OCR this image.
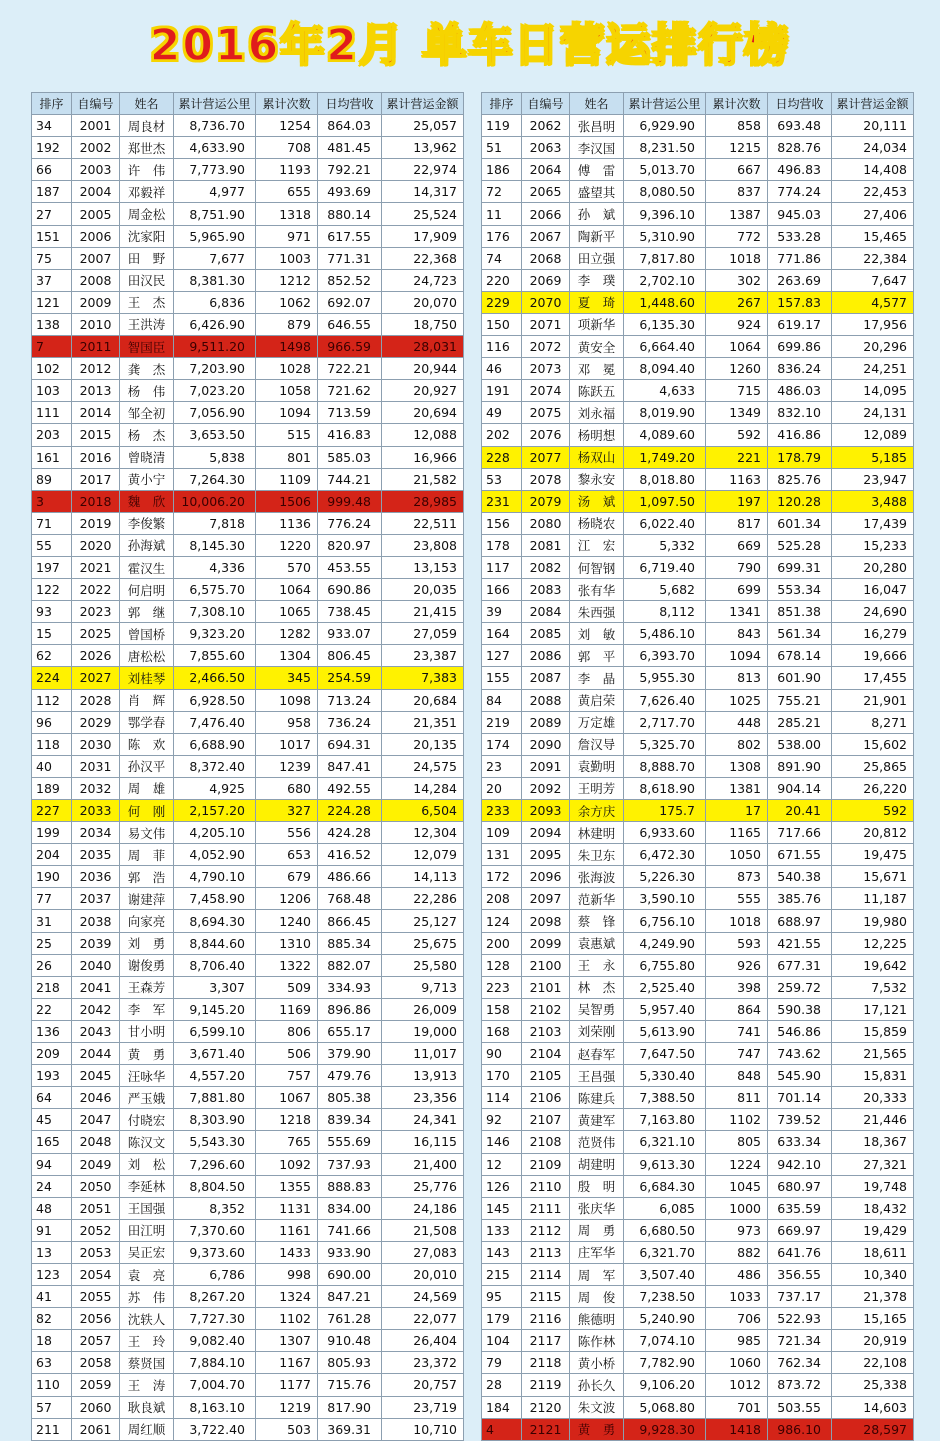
2016年2月 单车日营运排行榜
排序	自编号	姓名	累计营运公里	累计次数	日均营收	累计营运金额
34	2001	周良材	8,736.70	1254	864.03	25,057
192	2002	郑世杰	4,633.90	708	481.45	13,962
66	2003	许　伟	7,773.90	1193	792.21	22,974
187	2004	邓毅祥	4,977	655	493.69	14,317
27	2005	周金松	8,751.90	1318	880.14	25,524
151	2006	沈家阳	5,965.90	971	617.55	17,909
75	2007	田　野	7,677	1003	771.31	22,368
37	2008	田汉民	8,381.30	1212	852.52	24,723
121	2009	王　杰	6,836	1062	692.07	20,070
138	2010	王洪涛	6,426.90	879	646.55	18,750
7	2011	智国臣	9,511.20	1498	966.59	28,031
102	2012	龚　杰	7,203.90	1028	722.21	20,944
103	2013	杨　伟	7,023.20	1058	721.62	20,927
111	2014	邹全初	7,056.90	1094	713.59	20,694
203	2015	杨　杰	3,653.50	515	416.83	12,088
161	2016	曾晓清	5,838	801	585.03	16,966
89	2017	黄小宁	7,264.30	1109	744.21	21,582
3	2018	魏　欣	10,006.20	1506	999.48	28,985
71	2019	李俊繁	7,818	1136	776.24	22,511
55	2020	孙海斌	8,145.30	1220	820.97	23,808
197	2021	霍汉生	4,336	570	453.55	13,153
122	2022	何启明	6,575.70	1064	690.86	20,035
93	2023	郭　继	7,308.10	1065	738.45	21,415
15	2025	曾国桥	9,323.20	1282	933.07	27,059
62	2026	唐松松	7,855.60	1304	806.45	23,387
224	2027	刘桂琴	2,466.50	345	254.59	7,383
112	2028	肖　辉	6,928.50	1098	713.24	20,684
96	2029	鄂学春	7,476.40	958	736.24	21,351
118	2030	陈　欢	6,688.90	1017	694.31	20,135
40	2031	孙汉平	8,372.40	1239	847.41	24,575
189	2032	周　雄	4,925	680	492.55	14,284
227	2033	何　刚	2,157.20	327	224.28	6,504
199	2034	易文伟	4,205.10	556	424.28	12,304
204	2035	周　菲	4,052.90	653	416.52	12,079
190	2036	郭　浩	4,790.10	679	486.66	14,113
77	2037	谢建萍	7,458.90	1206	768.48	22,286
31	2038	向家亮	8,694.30	1240	866.45	25,127
25	2039	刘　勇	8,844.60	1310	885.34	25,675
26	2040	谢俊勇	8,706.40	1322	882.07	25,580
218	2041	王森芳	3,307	509	334.93	9,713
22	2042	李　军	9,145.20	1169	896.86	26,009
136	2043	甘小明	6,599.10	806	655.17	19,000
209	2044	黄　勇	3,671.40	506	379.90	11,017
193	2045	汪咏华	4,557.20	757	479.76	13,913
64	2046	严玉娥	7,881.80	1067	805.38	23,356
45	2047	付晓宏	8,303.90	1218	839.34	24,341
165	2048	陈汉文	5,543.30	765	555.69	16,115
94	2049	刘　松	7,296.60	1092	737.93	21,400
24	2050	李延林	8,804.50	1355	888.83	25,776
48	2051	王国强	8,352	1131	834.00	24,186
91	2052	田江明	7,370.60	1161	741.66	21,508
13	2053	吴正宏	9,373.60	1433	933.90	27,083
123	2054	袁　亮	6,786	998	690.00	20,010
41	2055	苏　伟	8,267.20	1324	847.21	24,569
82	2056	沈轶人	7,727.30	1102	761.28	22,077
18	2057	王　玲	9,082.40	1307	910.48	26,404
63	2058	蔡贤国	7,884.10	1167	805.93	23,372
110	2059	王　涛	7,004.70	1177	715.76	20,757
57	2060	耿良斌	8,163.10	1219	817.90	23,719
211	2061	周红顺	3,722.40	503	369.31	10,710
排序	自编号	姓名	累计营运公里	累计次数	日均营收	累计营运金额
119	2062	张昌明	6,929.90	858	693.48	20,111
51	2063	李汉国	8,231.50	1215	828.76	24,034
186	2064	傅　雷	5,013.70	667	496.83	14,408
72	2065	盛望其	8,080.50	837	774.24	22,453
11	2066	孙　斌	9,396.10	1387	945.03	27,406
176	2067	陶新平	5,310.90	772	533.28	15,465
74	2068	田立强	7,817.80	1018	771.86	22,384
220	2069	李　璞	2,702.10	302	263.69	7,647
229	2070	夏　琦	1,448.60	267	157.83	4,577
150	2071	项新华	6,135.30	924	619.17	17,956
116	2072	黄安全	6,664.40	1064	699.86	20,296
46	2073	邓　冕	8,094.40	1260	836.24	24,251
191	2074	陈跃五	4,633	715	486.03	14,095
49	2075	刘永福	8,019.90	1349	832.10	24,131
202	2076	杨明想	4,089.60	592	416.86	12,089
228	2077	杨双山	1,749.20	221	178.79	5,185
53	2078	黎永安	8,018.80	1163	825.76	23,947
231	2079	汤　斌	1,097.50	197	120.28	3,488
156	2080	杨晓农	6,022.40	817	601.34	17,439
178	2081	江　宏	5,332	669	525.28	15,233
117	2082	何智钢	6,719.40	790	699.31	20,280
166	2083	张有华	5,682	699	553.34	16,047
39	2084	朱西强	8,112	1341	851.38	24,690
164	2085	刘　敏	5,486.10	843	561.34	16,279
127	2086	郭　平	6,393.70	1094	678.14	19,666
155	2087	李　晶	5,955.30	813	601.90	17,455
84	2088	黄启荣	7,626.40	1025	755.21	21,901
219	2089	万定雄	2,717.70	448	285.21	8,271
174	2090	詹汉导	5,325.70	802	538.00	15,602
23	2091	袁勤明	8,888.70	1308	891.90	25,865
20	2092	王明芳	8,618.90	1381	904.14	26,220
233	2093	余方庆	175.7	17	20.41	592
109	2094	林建明	6,933.60	1165	717.66	20,812
131	2095	朱卫东	6,472.30	1050	671.55	19,475
172	2096	张海波	5,226.30	873	540.38	15,671
208	2097	范新华	3,590.10	555	385.76	11,187
124	2098	蔡　锋	6,756.10	1018	688.97	19,980
200	2099	袁惠斌	4,249.90	593	421.55	12,225
128	2100	王　永	6,755.80	926	677.31	19,642
223	2101	林　杰	2,525.40	398	259.72	7,532
158	2102	吴智勇	5,957.40	864	590.38	17,121
168	2103	刘荣刚	5,613.90	741	546.86	15,859
90	2104	赵春军	7,647.50	747	743.62	21,565
170	2105	王昌强	5,330.40	848	545.90	15,831
114	2106	陈建兵	7,388.50	811	701.14	20,333
92	2107	黄建军	7,163.80	1102	739.52	21,446
146	2108	范贤伟	6,321.10	805	633.34	18,367
12	2109	胡建明	9,613.30	1224	942.10	27,321
126	2110	殷　明	6,684.30	1045	680.97	19,748
145	2111	张庆华	6,085	1000	635.59	18,432
133	2112	周　勇	6,680.50	973	669.97	19,429
143	2113	庄军华	6,321.70	882	641.76	18,611
215	2114	周　军	3,507.40	486	356.55	10,340
95	2115	周　俊	7,238.50	1033	737.17	21,378
179	2116	熊德明	5,240.90	706	522.93	15,165
104	2117	陈作林	7,074.10	985	721.34	20,919
79	2118	黄小桥	7,782.90	1060	762.34	22,108
28	2119	孙长久	9,106.20	1012	873.72	25,338
184	2120	朱文波	5,068.80	701	503.55	14,603
4	2121	黄　勇	9,928.30	1418	986.10	28,597
